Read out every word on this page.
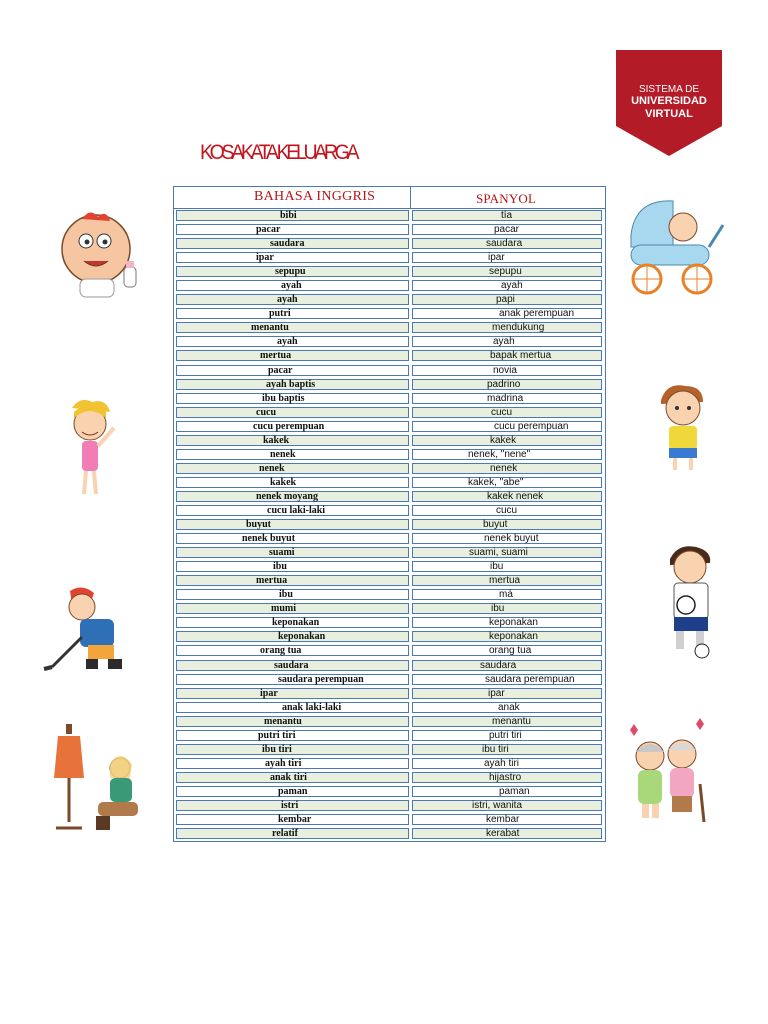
SISTEMA DE
UNIVERSIDAD
VIRTUAL
KOSAKATA KELUARGA
BAHASA INGGRIS	SPANYOL
bibi	tía
pacar	pacar
saudara	saudara
ipar	ipar
sepupu	sepupu
ayah	ayah
ayah	papi
putri	anak perempuan
menantu	mendukung
ayah	ayah
mertua	bapak mertua
pacar	novia
ayah baptis	padrino
ibu baptis	madrina
cucu	cucu
cucu perempuan	cucu perempuan
kakek	kakek
nenek	nenek, "nene"
nenek	nenek
kakek	kakek, "abe"
nenek moyang	kakek nenek
cucu laki-laki	cucu
buyut	buyut
nenek buyut	nenek buyut
suami	suami, suami
ibu	ibu
mertua	mertua
ibu	má
mumi	ibu
keponakan	keponakan
keponakan	keponakan
orang tua	orang tua
saudara	saudara
saudara perempuan	saudara perempuan
ipar	ipar
anak laki-laki	anak
menantu	menantu
putri tiri	putri tiri
ibu tiri	ibu tiri
ayah tiri	ayah tiri
anak tiri	hijastro
paman	paman
istri	istri, wanita
kembar	kembar
relatif	kerabat
